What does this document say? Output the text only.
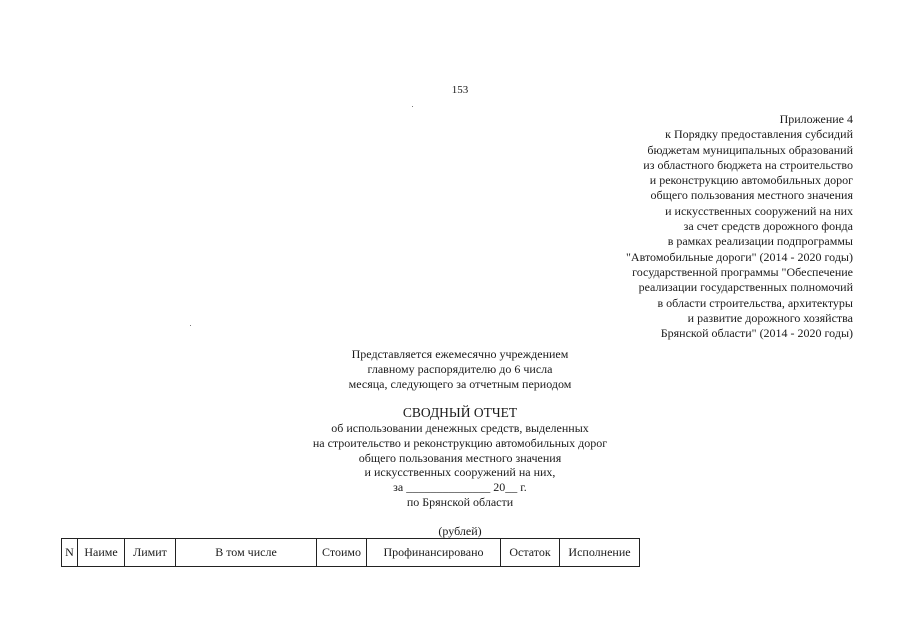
153
Приложение 4
к Порядку предоставления субсидий
бюджетам муниципальных образований
из областного бюджета на строительство
и реконструкцию автомобильных дорог
общего пользования местного значения
и искусственных сооружений на них
за счет средств дорожного фонда
в рамках реализации подпрограммы
"Автомобильные дороги" (2014 - 2020 годы)
государственной программы "Обеспечение
реализации государственных полномочий
в области строительства, архитектуры
и развитие дорожного хозяйства
Брянской области" (2014 - 2020 годы)
Представляется ежемесячно учреждением
главному распорядителю до 6 числа
месяца, следующего за отчетным периодом
СВОДНЫЙ ОТЧЕТ
об использовании денежных средств, выделенных
на строительство и реконструкцию автомобильных дорог
общего пользования местного значения
и искусственных сооружений на них,
за ______________ 20__ г.
по Брянской области
(рублей)
N	Наиме	Лимит	В том числе	Стоимо	Профинансировано	Остаток	Исполнение
